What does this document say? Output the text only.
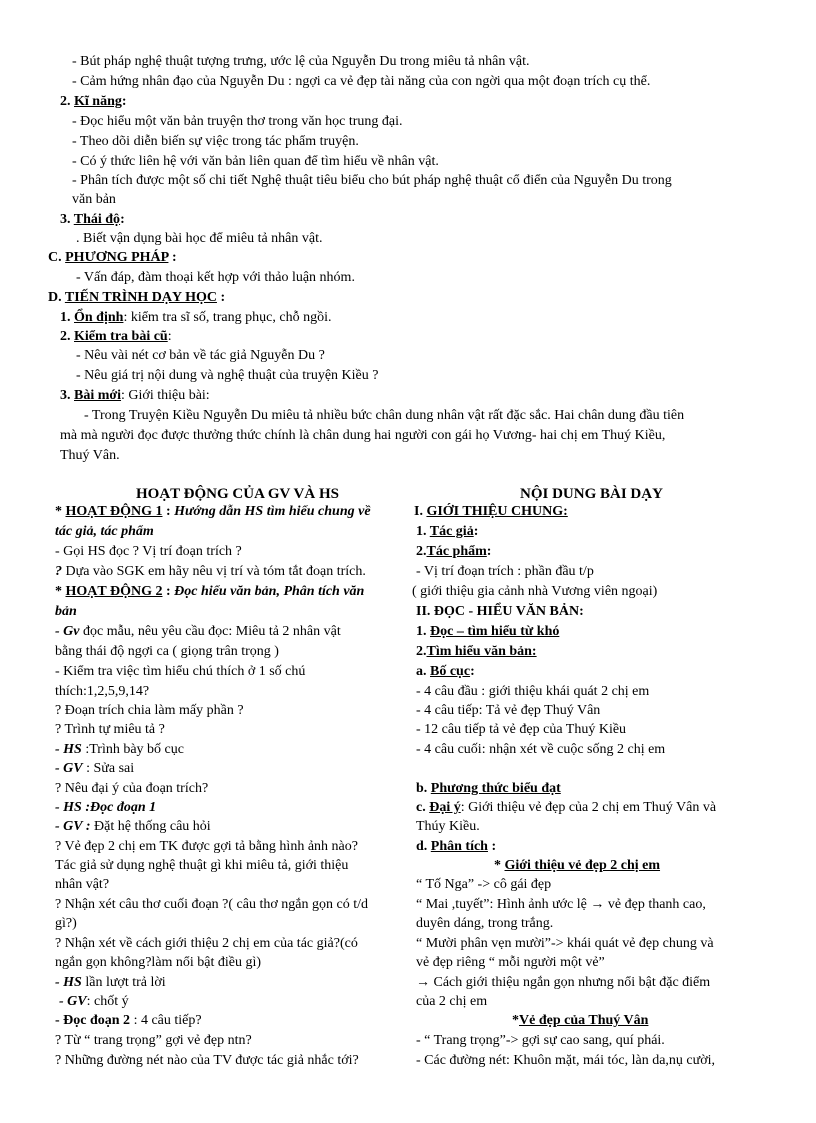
- Bút pháp nghệ thuật tượng trưng, ước lệ của Nguyễn Du trong miêu tả nhân vật.
- Cảm hứng nhân đạo của Nguyễn Du : ngợi ca vẻ đẹp tài năng của con ngời qua một đoạn trích cụ thể.
2. Kĩ năng:
- Đọc hiểu một văn bản truyện thơ trong văn học trung đại.
- Theo dõi diễn biến sự việc trong tác phẩm truyện.
- Có ý thức liên hệ với văn bản liên quan để tìm hiểu về nhân vật.
- Phân tích được một số chi tiết Nghệ thuật tiêu biểu cho bút pháp nghệ thuật cổ điển của Nguyễn Du trong
văn bản
3. Thái độ:
. Biết vận dụng bài học để miêu tả nhân vật.
C. PHƯƠNG PHÁP :
- Vấn đáp, đàm thoại kết hợp với thảo luận nhóm.
D. TIẾN TRÌNH DẠY HỌC :
1. Ổn định: kiểm tra sĩ số, trang phục, chỗ ngồi.
2. Kiểm tra bài cũ:
- Nêu vài nét cơ bản về tác giả Nguyễn Du ?
- Nêu giá trị nội dung và nghệ thuật của truyện Kiều ?
3. Bài mới: Giới thiệu bài:
- Trong Truyện Kiều Nguyễn Du miêu tả nhiều bức chân dung nhân vật rất đặc sắc. Hai chân dung đầu tiên
mà mà người đọc được thưởng thức chính là chân dung hai người con gái họ Vương- hai chị em Thuý Kiều,
Thuý Vân.
HOẠT ĐỘNG CỦA GV VÀ HS	NỘI DUNG BÀI DẠY
* HOẠT ĐỘNG 1 : Hướng dẫn HS tìm hiểu chung về
tác giả, tác phẩm
- Gọi HS đọc ? Vị trí đoạn trích ?
? Dựa vào SGK em hãy nêu vị trí và tóm tắt đoạn trích.
* HOẠT ĐỘNG 2 : Đọc hiểu văn bản, Phân tích văn
bản
- Gv đọc mẫu, nêu yêu cầu đọc: Miêu tả 2 nhân vật
bằng thái độ ngợi ca ( giọng trân trọng )
- Kiểm tra việc tìm hiểu chú thích ở 1 số chú
thích:1,2,5,9,14?
? Đoạn trích chia làm mấy phần ?
? Trình tự miêu tả ?
- HS :Trình bày bố cục
- GV : Sửa sai
? Nêu đại ý của đoạn trích?
- HS :Đọc đoạn 1
- GV : Đặt hệ thống câu hỏi
? Vẻ đẹp 2 chị em TK được gợi tả bằng hình ảnh nào?
Tác giả sử dụng nghệ thuật gì khi miêu tả, giới thiệu
nhân vật?
? Nhận xét câu thơ cuối đoạn ?( câu thơ ngắn gọn có t/d
gì?)
? Nhận xét về cách giới thiệu 2 chị em của tác giả?(có
ngắn gọn không?làm nổi bật điều gì)
- HS lần lượt trả lời
- GV: chốt ý
- Đọc đoạn 2 : 4 câu tiếp?
? Từ “ trang trọng” gợi vẻ đẹp ntn?
? Những đường nét nào của TV được tác giả nhắc tới?
I. GIỚI THIỆU CHUNG:
1. Tác giả:
2.Tác phẩm:
- Vị trí đoạn trích : phần đầu t/p
( giới thiệu gia cảnh nhà Vương viên ngoại)
II. ĐỌC - HIỂU VĂN BẢN:
1. Đọc – tìm hiểu từ khó
2.Tìm hiểu văn bản:
a. Bố cục:
- 4 câu đầu : giới thiệu khái quát 2 chị em
- 4 câu tiếp: Tả vẻ đẹp Thuý Vân
- 12 câu tiếp tả vẻ đẹp của Thuý Kiều
- 4 câu cuối: nhận xét về cuộc sống 2 chị em
b. Phương thức biểu đạt
c. Đại ý: Giới thiệu vẻ đẹp của 2 chị em Thuý Vân và
Thúy Kiều.
d. Phân tích :
* Giới thiệu vẻ đẹp 2 chị em
“ Tố Nga” -> cô gái đẹp
“ Mai ,tuyết”: Hình ảnh ước lệ → vẻ đẹp thanh cao,
duyên dáng, trong trắng.
“ Mười phân vẹn mười”-> khái quát vẻ đẹp chung và
vẻ đẹp riêng “ mỗi người một vẻ”
→ Cách giới thiệu ngắn gọn nhưng nổi bật đặc điểm
của 2 chị em
*Vẻ đẹp của Thuý Vân
- “ Trang trọng”-> gợi sự cao sang, quí phái.
- Các đường nét: Khuôn mặt, mái tóc, làn da,nụ cười,
